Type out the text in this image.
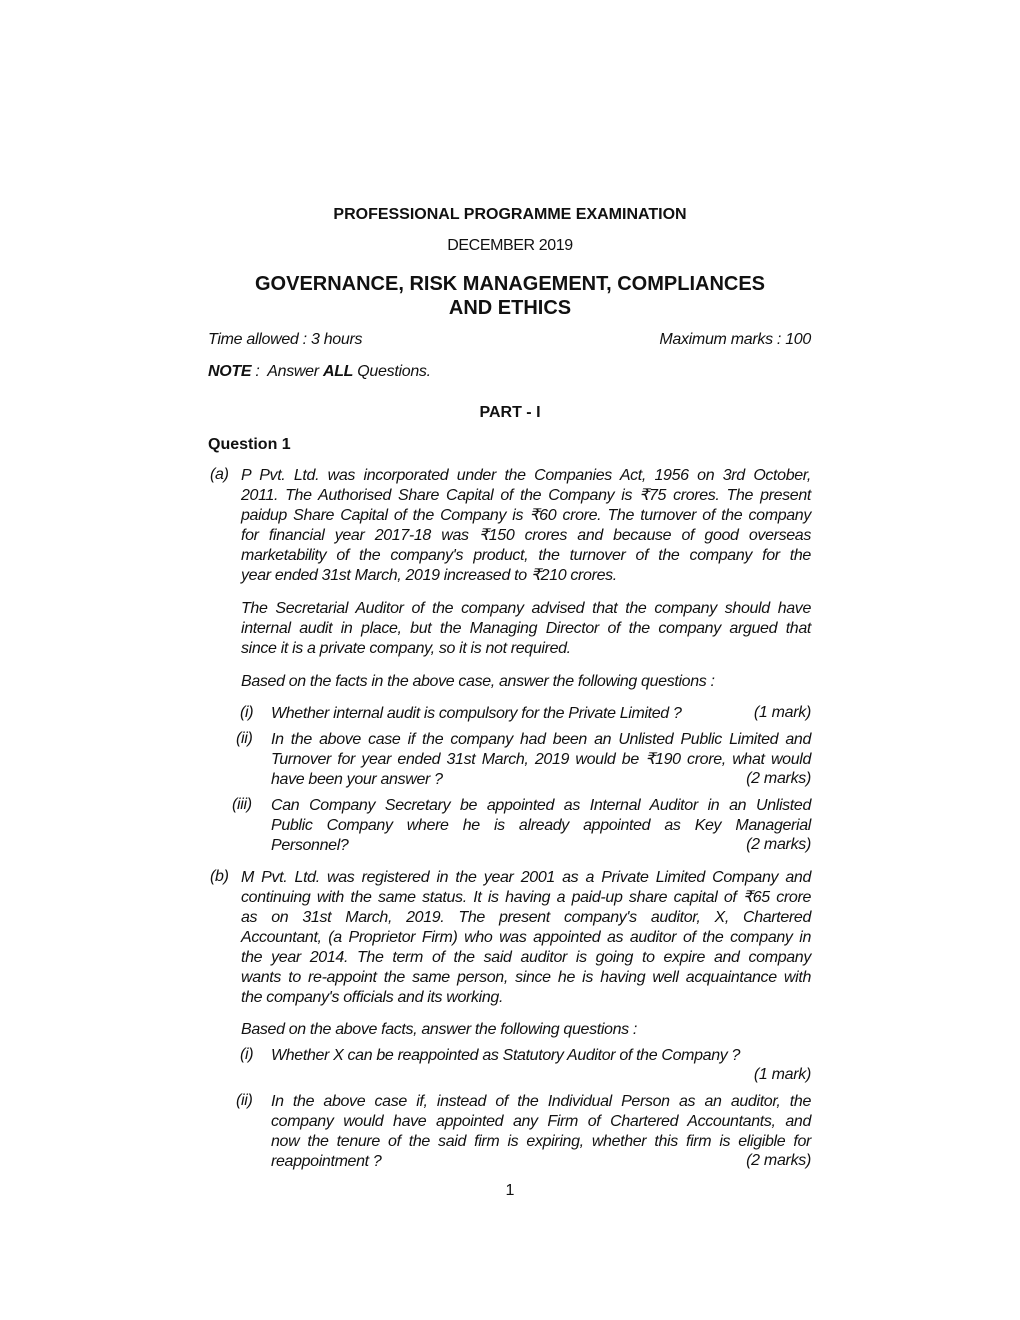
PROFESSIONAL PROGRAMME EXAMINATION
DECEMBER 2019
GOVERNANCE, RISK MANAGEMENT, COMPLIANCES
AND ETHICS
Time allowed : 3 hours	Maximum marks : 100
NOTE :  Answer ALL Questions.
PART - I
Question 1
(a) P Pvt. Ltd. was incorporated under the Companies Act, 1956 on 3rd October,
2011. The Authorised Share Capital of the Company is ₹75 crores. The present
paidup Share Capital of the Company is ₹60 crore. The turnover of the company
for financial year 2017-18 was ₹150 crores and because of good overseas
marketability of the company's product, the turnover of the company for the
year ended 31st March, 2019 increased to ₹210 crores.
The Secretarial Auditor of the company advised that the company should have
internal audit in place, but the Managing Director of the company argued that
since it is a private company, so it is not required.
Based on the facts in the above case, answer the following questions :
(i) Whether internal audit is compulsory for the Private Limited ?	(1 mark)
(ii) In the above case if the company had been an Unlisted Public Limited and
Turnover for year ended 31st March, 2019 would be ₹190 crore, what would
have been your answer ?	(2 marks)
(iii) Can Company Secretary be appointed as Internal Auditor in an Unlisted
Public Company where he is already appointed as Key Managerial
Personnel?	(2 marks)
(b) M Pvt. Ltd. was registered in the year 2001 as a Private Limited Company and
continuing with the same status. It is having a paid-up share capital of ₹65 crore
as on 31st March, 2019. The present company's auditor, X, Chartered
Accountant, (a Proprietor Firm) who was appointed as auditor of the company in
the year 2014. The term of the said auditor is going to expire and company
wants to re-appoint the same person, since he is having well acquaintance with
the company's officials and its working.
Based on the above facts, answer the following questions :
(i) Whether X can be reappointed as Statutory Auditor of the Company ?
(1 mark)
(ii) In the above case if, instead of the Individual Person as an auditor, the
company would have appointed any Firm of Chartered Accountants, and
now the tenure of the said firm is expiring, whether this firm is eligible for
reappointment ?	(2 marks)
1
